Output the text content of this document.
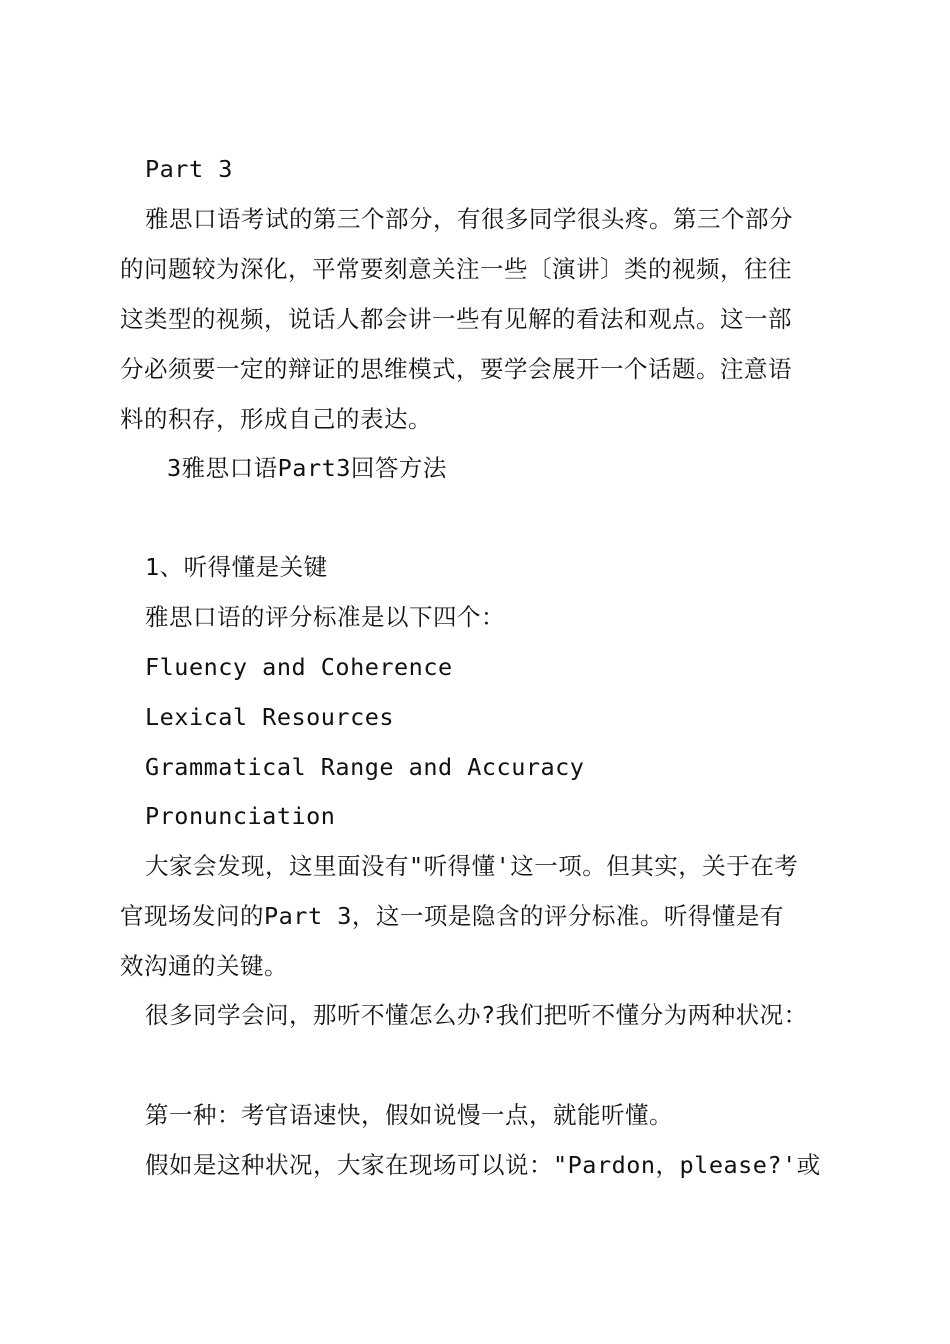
Part 3
雅思口语考试的第三个部分，有很多同学很头疼。第三个部分
的问题较为深化，平常要刻意关注一些〔演讲〕类的视频，往往
这类型的视频，说话人都会讲一些有见解的看法和观点。这一部
分必须要一定的辩证的思维模式，要学会展开一个话题。注意语
料的积存，形成自己的表达。
3雅思口语Part3回答方法
1、听得懂是关键
雅思口语的评分标准是以下四个：
Fluency and Coherence
Lexical Resources
Grammatical Range and Accuracy
Pronunciation
大家会发现，这里面没有"听得懂'这一项。但其实，关于在考
官现场发问的Part 3，这一项是隐含的评分标准。听得懂是有
效沟通的关键。
很多同学会问，那听不懂怎么办?我们把听不懂分为两种状况：
第一种：考官语速快，假如说慢一点，就能听懂。
假如是这种状况，大家在现场可以说："Pardon，please?'或
